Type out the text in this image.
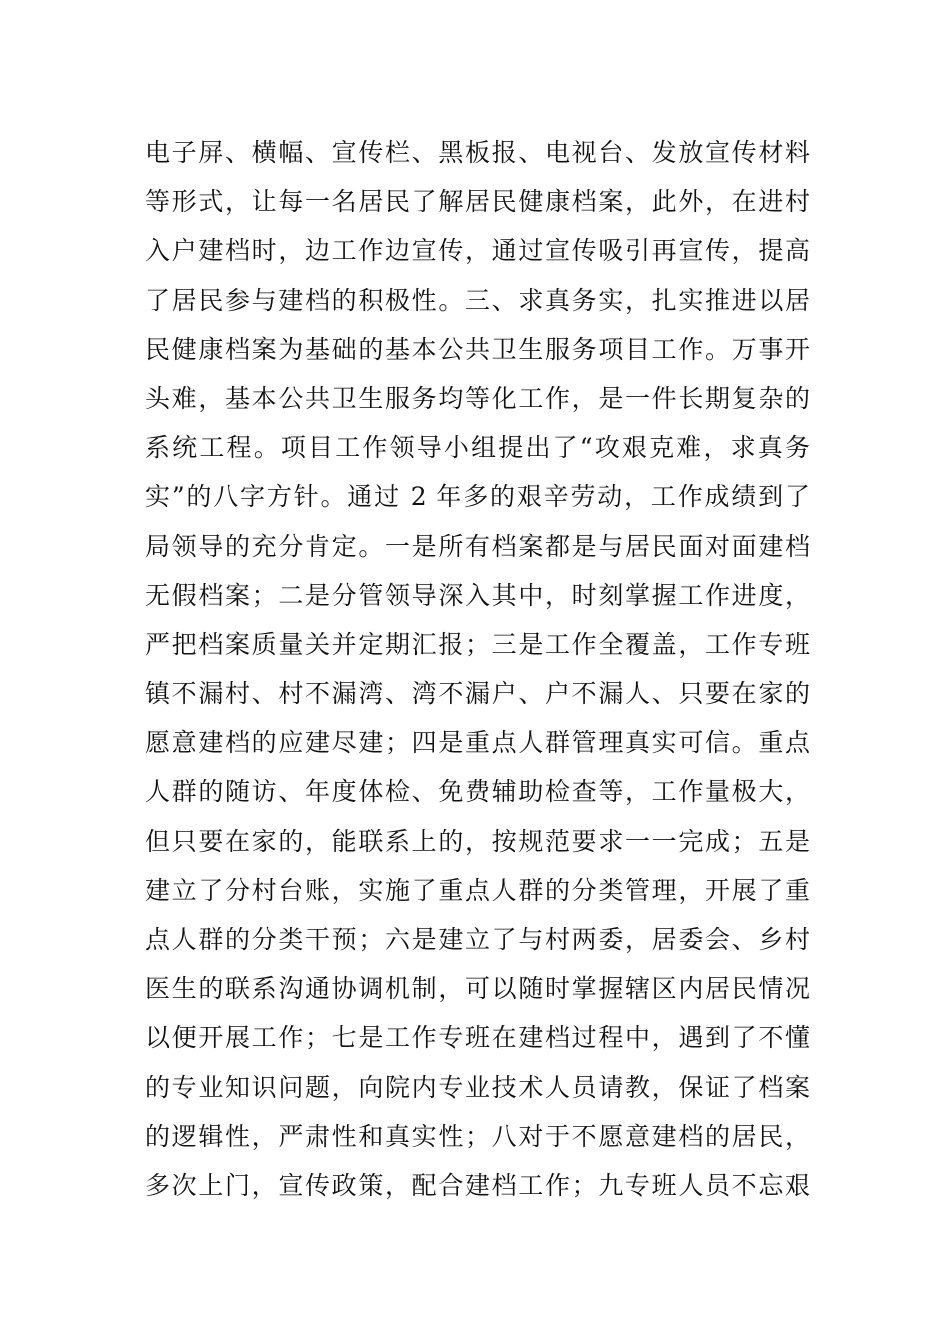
电子屏、横幅、宣传栏、黑板报、电视台、发放宣传材料
等形式，让每一名居民了解居民健康档案，此外，在进村
入户建档时，边工作边宣传，通过宣传吸引再宣传，提高
了居民参与建档的积极性。三、求真务实，扎实推进以居
民健康档案为基础的基本公共卫生服务项目工作。万事开
头难，基本公共卫生服务均等化工作，是一件长期复杂的
系统工程。项目工作领导小组提出了“攻艰克难，求真务
实”的八字方针。通过 2 年多的艰辛劳动，工作成绩到了
局领导的充分肯定。一是所有档案都是与居民面对面建档
无假档案；二是分管领导深入其中，时刻掌握工作进度，
严把档案质量关并定期汇报；三是工作全覆盖，工作专班
镇不漏村、村不漏湾、湾不漏户、户不漏人、只要在家的
愿意建档的应建尽建；四是重点人群管理真实可信。重点
人群的随访、年度体检、免费辅助检查等，工作量极大，
但只要在家的，能联系上的，按规范要求一一完成；五是
建立了分村台账，实施了重点人群的分类管理，开展了重
点人群的分类干预；六是建立了与村两委，居委会、乡村
医生的联系沟通协调机制，可以随时掌握辖区内居民情况
以便开展工作；七是工作专班在建档过程中，遇到了不懂
的专业知识问题，向院内专业技术人员请教，保证了档案
的逻辑性，严肃性和真实性；八对于不愿意建档的居民，
多次上门，宣传政策，配合建档工作；九专班人员不忘艰
